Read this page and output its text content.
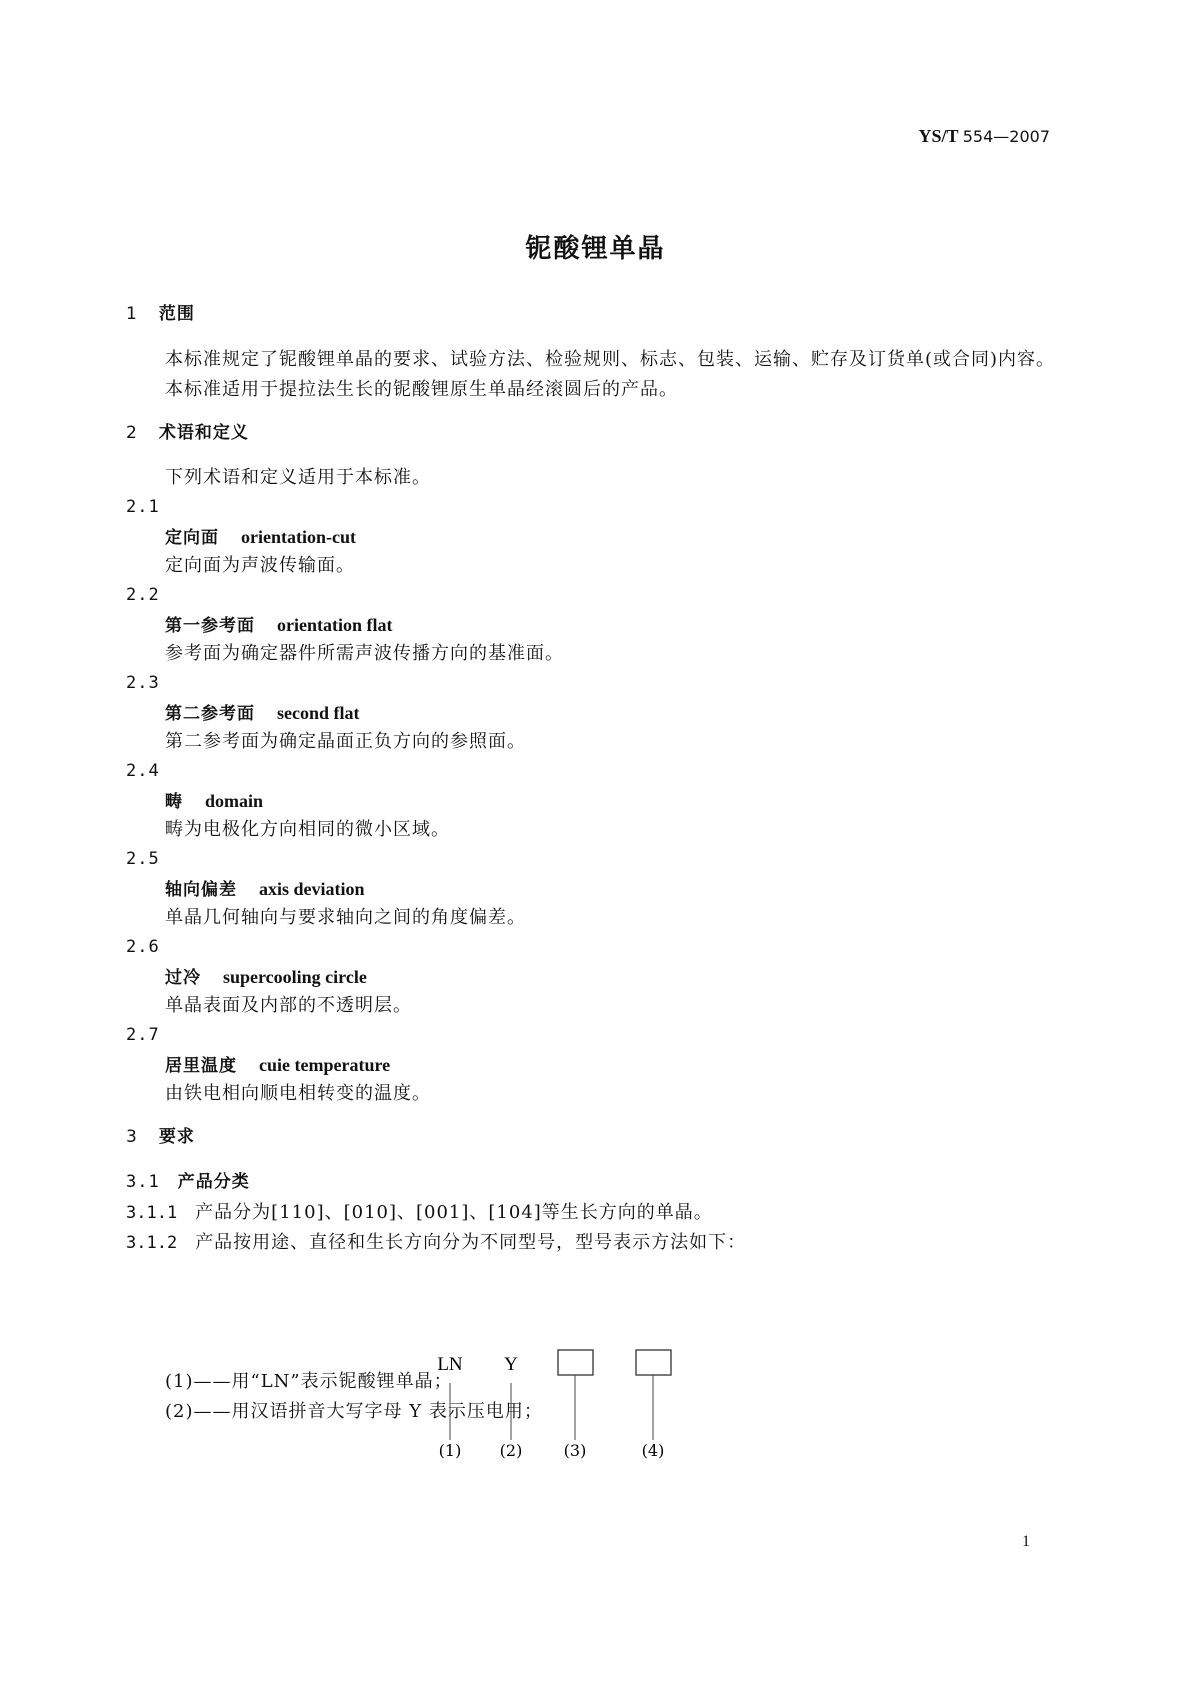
YS/T 554—2007
铌酸锂单晶
1 范围
本标准规定了铌酸锂单晶的要求、试验方法、检验规则、标志、包装、运输、贮存及订货单(或合同)内容。
本标准适用于提拉法生长的铌酸锂原生单晶经滚圆后的产品。
2 术语和定义
下列术语和定义适用于本标准。
2.1
定向面 orientation-cut
定向面为声波传输面。
2.2
第一参考面 orientation flat
参考面为确定器件所需声波传播方向的基准面。
2.3
第二参考面 second flat
第二参考面为确定晶面正负方向的参照面。
2.4
畴 domain
畴为电极化方向相同的微小区域。
2.5
轴向偏差 axis deviation
单晶几何轴向与要求轴向之间的角度偏差。
2.6
过冷 supercooling circle
单晶表面及内部的不透明层。
2.7
居里温度 cuie temperature
由铁电相向顺电相转变的温度。
3 要求
3.1 产品分类
3.1.1 产品分为[110]、[010]、[001]、[104]等生长方向的单晶。
3.1.2 产品按用途、直径和生长方向分为不同型号，型号表示方法如下：
LN Y
(1) (2)	(3)	(4)
(1)——用“LN”表示铌酸锂单晶；
(2)——用汉语拼音大写字母 Y 表示压电用；
1
